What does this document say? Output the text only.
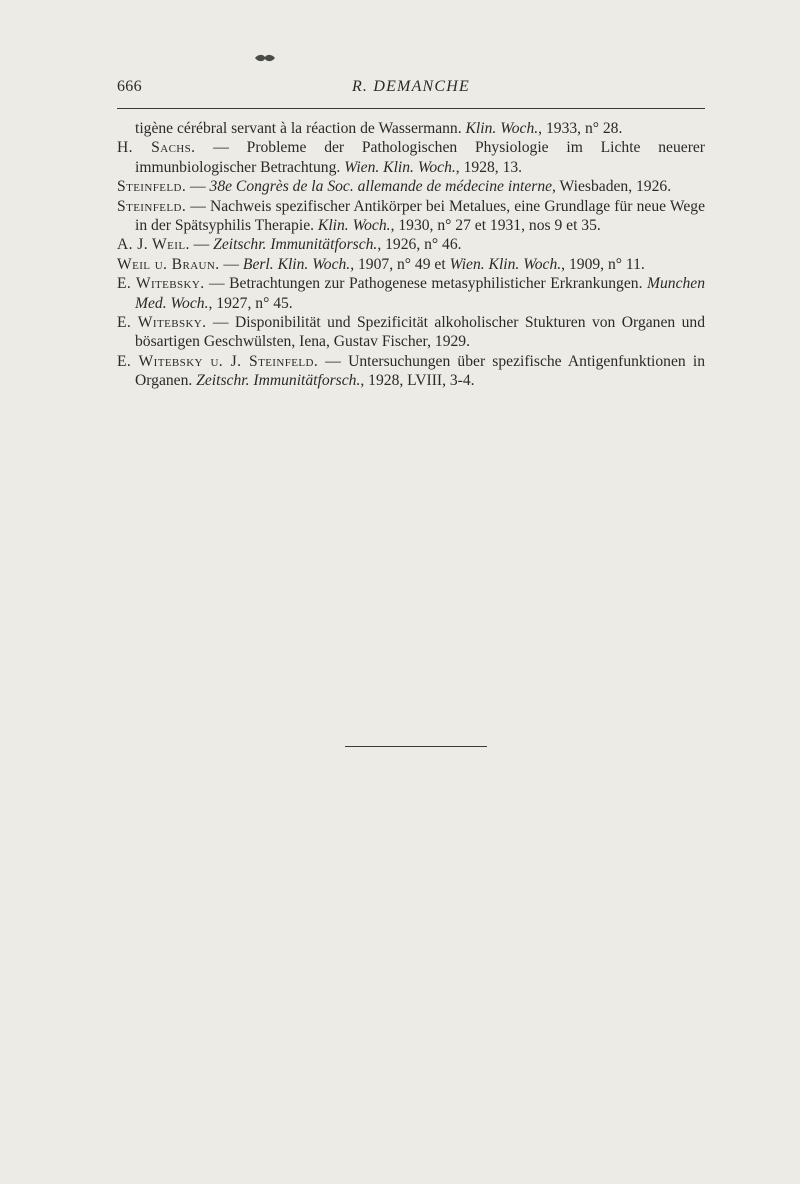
666	R. DEMANCHE
tigène cérébral servant à la réaction de Wassermann. Klin. Woch., 1933, n° 28.
H. Sachs. — Probleme der Pathologischen Physiologie im Lichte neuerer immunbiologischer Betrachtung. Wien. Klin. Woch., 1928, 13.
Steinfeld. — 38e Congrès de la Soc. allemande de médecine interne, Wiesbaden, 1926.
Steinfeld. — Nachweis spezifischer Antikörper bei Metalues, eine Grundlage für neue Wege in der Spätsyphilis Therapie. Klin. Woch., 1930, n° 27 et 1931, nos 9 et 35.
A. J. Weil. — Zeitschr. Immunitätforsch., 1926, n° 46.
Weil u. Braun. — Berl. Klin. Woch., 1907, n° 49 et Wien. Klin. Woch., 1909, n° 11.
E. Witebsky. — Betrachtungen zur Pathogenese metasyphilisticher Erkrankungen. Munchen Med. Woch., 1927, n° 45.
E. Witebsky. — Disponibilität und Spezificität alkoholischer Stukturen von Organen und bösartigen Geschwülsten, Iena, Gustav Fischer, 1929.
E. Witebsky u. J. Steinfeld. — Untersuchungen über spezifische Antigenfunktionen in Organen. Zeitschr. Immunitätforsch., 1928, LVIII, 3-4.
